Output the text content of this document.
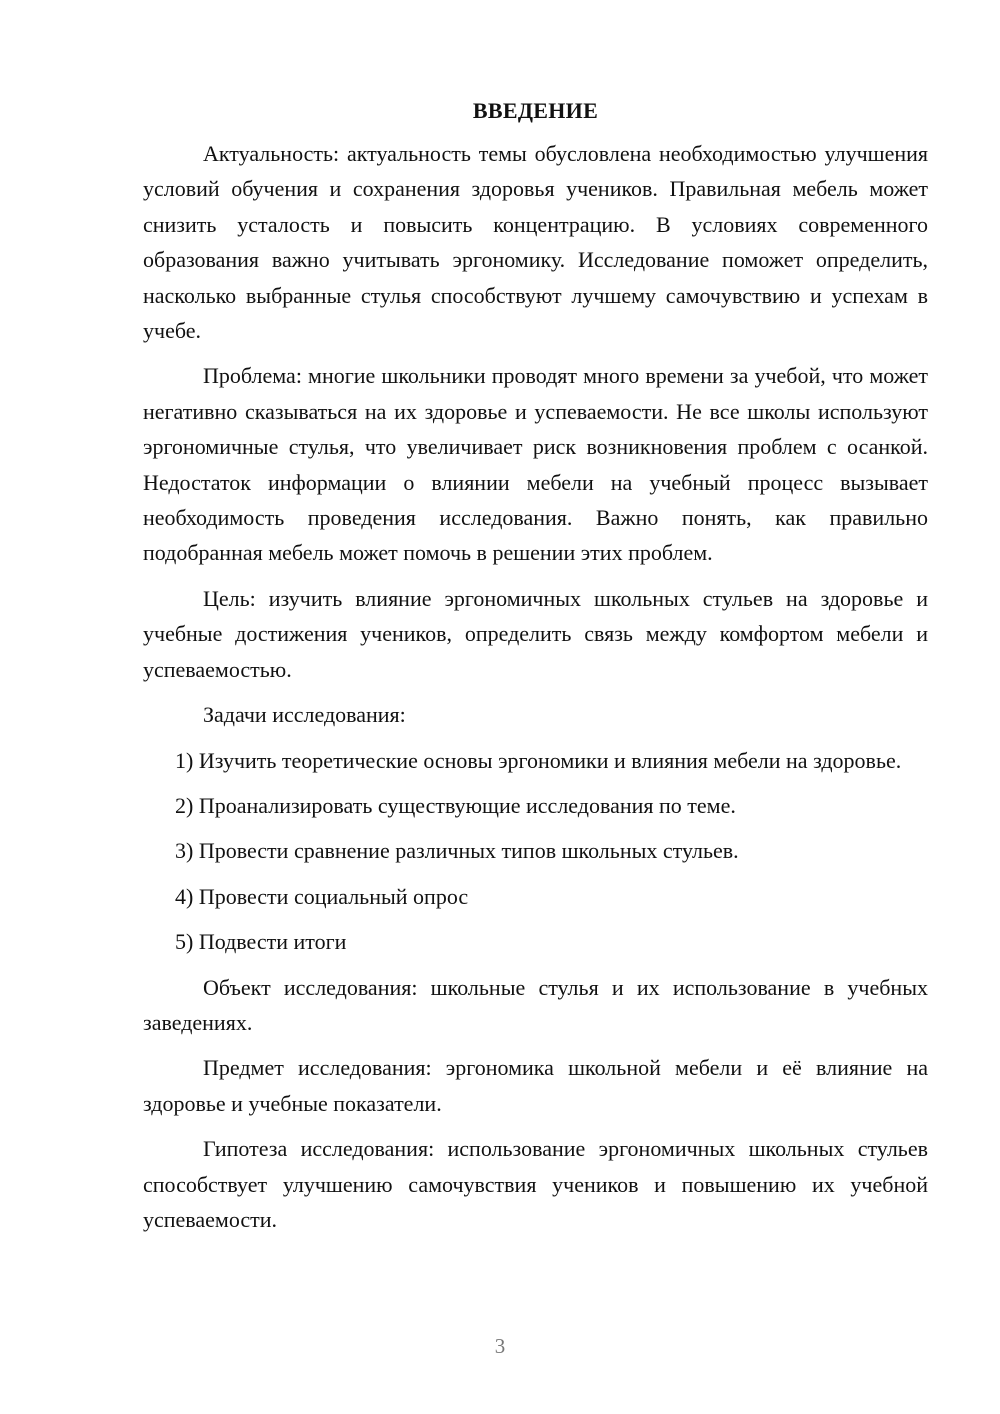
ВВЕДЕНИЕ

Актуальность: актуальность темы обусловлена необходимостью улучшения условий обучения и сохранения здоровья учеников. Правильная мебель может снизить усталость и повысить концентрацию. В условиях современного образования важно учитывать эргономику. Исследование поможет определить, насколько выбранные стулья способствуют лучшему самочувствию и успехам в учебе.

Проблема: многие школьники проводят много времени за учебой, что может негативно сказываться на их здоровье и успеваемости. Не все школы используют эргономичные стулья, что увеличивает риск возникновения проблем с осанкой. Недостаток информации о влиянии мебели на учебный процесс вызывает необходимость проведения исследования. Важно понять, как правильно подобранная мебель может помочь в решении этих проблем.

Цель: изучить влияние эргономичных школьных стульев на здоровье и учебные достижения учеников, определить связь между комфортом мебели и успеваемостью.

Задачи исследования:

1) Изучить теоретические основы эргономики и влияния мебели на здоровье.

2) Проанализировать существующие исследования по теме.

3) Провести сравнение различных типов школьных стульев.

4) Провести социальный опрос

5) Подвести итоги

Объект исследования: школьные стулья и их использование в учебных заведениях.

Предмет исследования: эргономика школьной мебели и её влияние на здоровье и учебные показатели.

Гипотеза исследования: использование эргономичных школьных стульев способствует улучшению самочувствия учеников и повышению их учебной успеваемости.

3
